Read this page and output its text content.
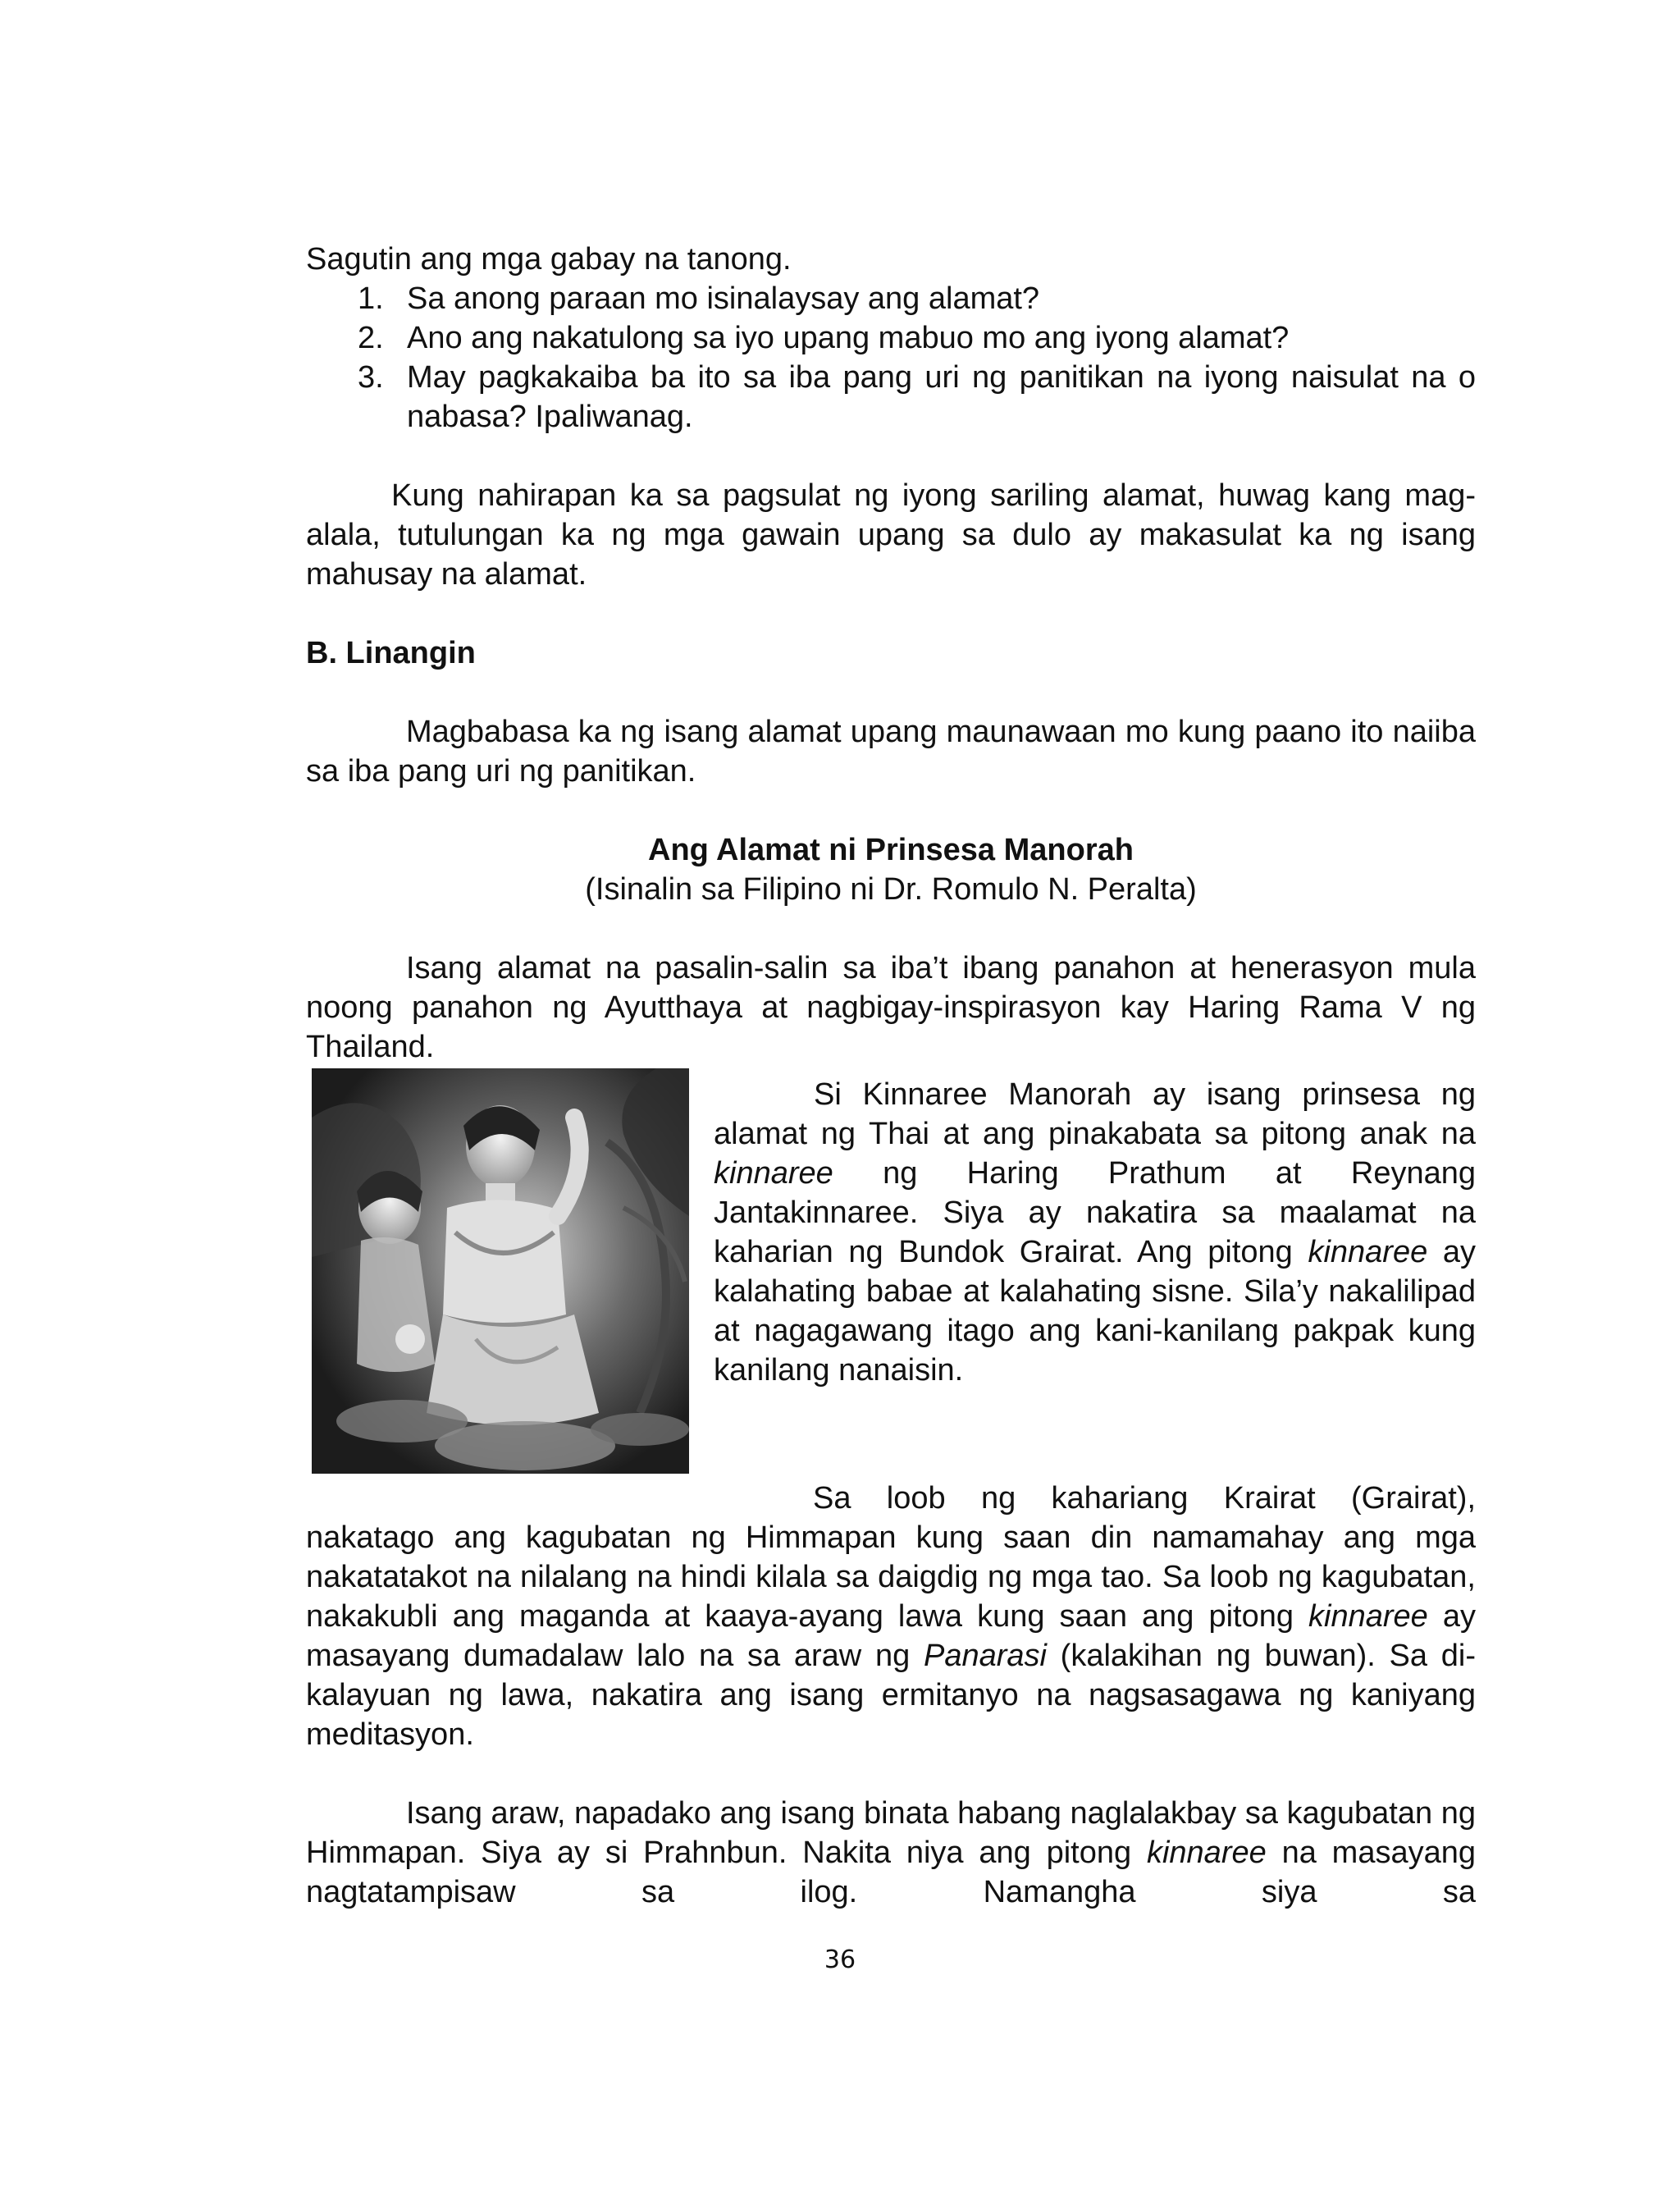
Sagutin ang mga gabay na tanong.

1. Sa anong paraan mo isinalaysay ang alamat?
2. Ano ang nakatulong sa iyo upang mabuo mo ang iyong alamat?
3. May pagkakaiba ba ito sa iba pang uri ng panitikan na iyong naisulat na o nabasa? Ipaliwanag.

Kung nahirapan ka sa pagsulat ng iyong sariling alamat, huwag kang mag-alala, tutulungan ka ng mga gawain upang sa dulo ay makasulat ka ng isang mahusay na alamat.

B. Linangin

Magbabasa ka ng isang alamat upang maunawaan mo kung paano ito naiiba sa iba pang uri ng panitikan.

Ang Alamat ni Prinsesa Manorah

(Isinalin sa Filipino ni Dr. Romulo N. Peralta)

Isang alamat na pasalin-salin sa iba’t ibang panahon at henerasyon mula noong panahon ng Ayutthaya at nagbigay-inspirasyon kay Haring Rama V ng Thailand.

Si Kinnaree Manorah ay isang prinsesa ng alamat ng Thai at ang pinakabata sa pitong anak na kinnaree ng Haring Prathum at Reynang Jantakinnaree. Siya ay nakatira sa maalamat na kaharian ng Bundok Grairat. Ang pitong kinnaree ay kalahating babae at kalahating sisne. Sila’y nakalilipad at nagagawang itago ang kani-kanilang pakpak kung kanilang nanaisin.

Sa loob ng kahariang Krairat (Grairat), nakatago ang kagubatan ng Himmapan kung saan din namamahay ang mga nakatatakot na nilalang na hindi kilala sa daigdig ng mga tao. Sa loob ng kagubatan, nakakubli ang maganda at kaaya-ayang lawa kung saan ang pitong kinnaree ay masayang dumadalaw lalo na sa araw ng Panarasi (kalakihan ng buwan). Sa di-kalayuan ng lawa, nakatira ang isang ermitanyo na nagsasagawa ng kaniyang meditasyon.

Isang araw, napadako ang isang binata habang naglalakbay sa kagubatan ng Himmapan. Siya ay si Prahnbun. Nakita niya ang pitong kinnaree na masayang nagtatampisaw sa ilog. Namangha siya sa

36
